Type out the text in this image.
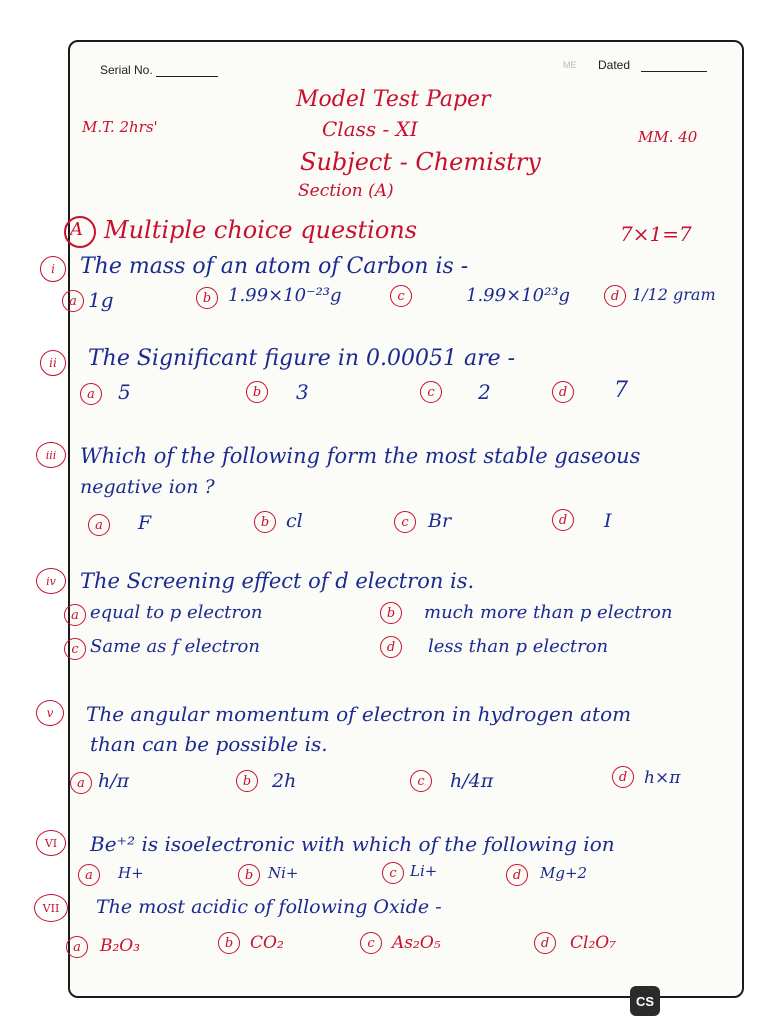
Serial No.	ME Dated
Model Test Paper
Class - XI
Subject - Chemistry
Section (A)
M.T. 2hrs'
MM. 40
A Multiple choice questions	7×1=7
i	The mass of an atom of Carbon is -
a 1g	b 1.99×10⁻²³g	c	1.99×10²³g	d 1/12 gram
ii	The Significant figure in 0.00051 are -
a	5	b	3	c	2	d	7
iii	Which of the following form the most stable gaseous
negative ion ?
a	F	b cl	c	Br	d	I
iv	The Screening effect of d electron is.
a equal to p electron	b	much more than p electron
c Same as f electron	d	less than p electron
v	The angular momentum of electron in hydrogen atom
than can be possible is.
a h/π	b	2h	c	h/4π	d h×π
VI	Be⁺² is isoelectronic with which of the following ion
a	H+	b Ni+	c Li+	d	Mg+2
VII	The most acidic of following Oxide -
a	B₂O₃	b CO₂	c	As₂O₅	d	Cl₂O₇
CS
